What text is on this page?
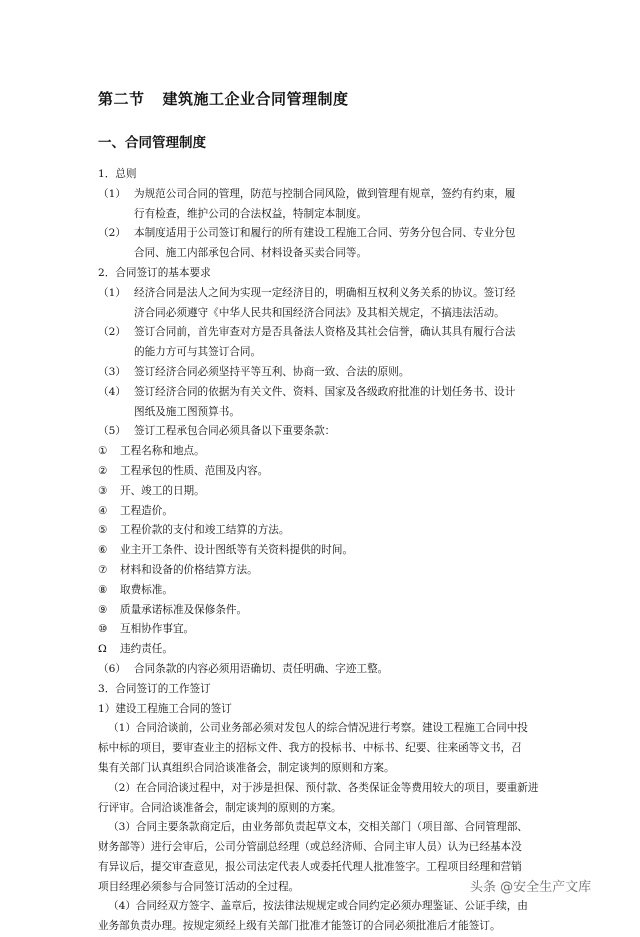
第二节 建筑施工企业合同管理制度
一、合同管理制度
1．总则
（1） 为规范公司合同的管理，防范与控制合同风险，做到管理有规章，签约有约束，履
行有检查，维护公司的合法权益，特制定本制度。
（2） 本制度适用于公司签订和履行的所有建设工程施工合同、劳务分包合同、专业分包
合同、施工内部承包合同、材料设备买卖合同等。
2．合同签订的基本要求
（1） 经济合同是法人之间为实现一定经济目的，明确相互权利义务关系的协议。签订经
济合同必须遵守《中华人民共和国经济合同法》及其相关规定，不搞违法活动。
（2） 签订合同前，首先审查对方是否具备法人资格及其社会信誉，确认其具有履行合法
的能力方可与其签订合同。
（3） 签订经济合同必须坚持平等互利、协商一致、合法的原则。
（4） 签订经济合同的依据为有关文件、资料、国家及各级政府批准的计划任务书、设计
图纸及施工图预算书。
（5） 签订工程承包合同必须具备以下重要条款：
①	工程名称和地点。
②	工程承包的性质、范围及内容。
③	开、竣工的日期。
④	工程造价。
⑤	工程价款的支付和竣工结算的方法。
⑥	业主开工条件、设计图纸等有关资料提供的时间。
⑦	材料和设备的价格结算方法。
⑧	取费标准。
⑨	质量承诺标准及保修条件。
⑩	互相协作事宜。
Ω	违约责任。
（6） 合同条款的内容必须用语确切、责任明确、字迹工整。
3．合同签订的工作签订
1）建设工程施工合同的签订
（1）合同洽谈前，公司业务部必须对发包人的综合情况进行考察。建设工程施工合同中投
标中标的项目，要审查业主的招标文件、我方的投标书、中标书、纪要、往来函等文书，召
集有关部门认真组织合同洽谈准备会，制定谈判的原则和方案。
（2）在合同洽谈过程中，对于涉是担保、预付款、各类保证金等费用较大的项目，要重新进
行评审。合同洽谈准备会，制定谈判的原则的方案。
（3）合同主要条款商定后，由业务部负责起草文本，交相关部门（项目部、合同管理部、
财务部等）进行会审后，公司分管副总经理（或总经济师、合同主审人员）认为已经基本没
有异议后，提交审查意见，报公司法定代表人或委托代理人批准签字。工程项目经理和营销
项目经理必须参与合同签订活动的全过程。
（4）合同经双方签字、盖章后，按法律法规规定或合同约定必须办理鉴证、公证手续，由
业务部负责办理。按规定须经上级有关部门批准才能签订的合同必须批准后才能签订。
头条 @安全生产文库
